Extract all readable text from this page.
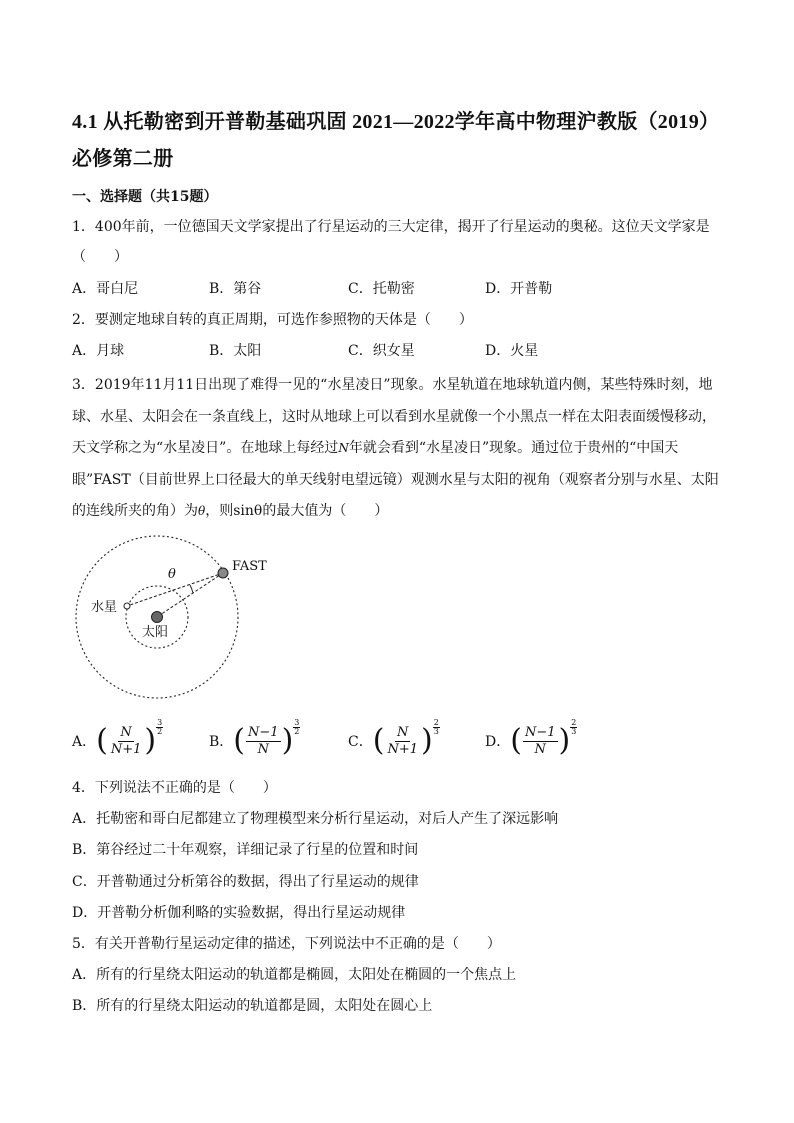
4.1 从托勒密到开普勒基础巩固 2021—2022学年高中物理沪教版（2019）必修第二册
一、选择题（共15题）
1．400年前，一位德国天文学家提出了行星运动的三大定律，揭开了行星运动的奥秘。这位天文学家是
（　　）
A．哥白尼	B．第谷	C．托勒密	D．开普勒
2．要测定地球自转的真正周期，可选作参照物的天体是（　　）
A．月球	B．太阳	C．织女星	D．火星
3．2019年11月11日出现了难得一见的“水星凌日”现象。水星轨道在地球轨道内侧，某些特殊时刻，地球、水星、太阳会在一条直线上，这时从地球上可以看到水星就像一个小黑点一样在太阳表面缓慢移动，天文学称之为“水星凌日”。在地球上每经过N年就会看到“水星凌日”现象。通过位于贵州的“中国天眼”FAST（目前世界上口径最大的单天线射电望远镜）观测水星与太阳的视角（观察者分别与水星、太阳的连线所夹的角）为θ，则sinθ的最大值为（　　）
FAST
水星
太阳
θ
A． ( $\frac{N}{N+1}$ ) $\frac{3}{2}$
B． ( $\frac{N-1}{N}$ ) $\frac{3}{2}$
C． ( $\frac{N}{N+1}$ ) $\frac{2}{3}$
D． ( $\frac{N-1}{N}$ ) $\frac{2}{3}$
4．下列说法不正确的是（　　）
A．托勒密和哥白尼都建立了物理模型来分析行星运动，对后人产生了深远影响
B．第谷经过二十年观察，详细记录了行星的位置和时间
C．开普勒通过分析第谷的数据，得出了行星运动的规律
D．开普勒分析伽利略的实验数据，得出行星运动规律
5．有关开普勒行星运动定律的描述，下列说法中不正确的是（　　）
A．所有的行星绕太阳运动的轨道都是椭圆，太阳处在椭圆的一个焦点上
B．所有的行星绕太阳运动的轨道都是圆，太阳处在圆心上
